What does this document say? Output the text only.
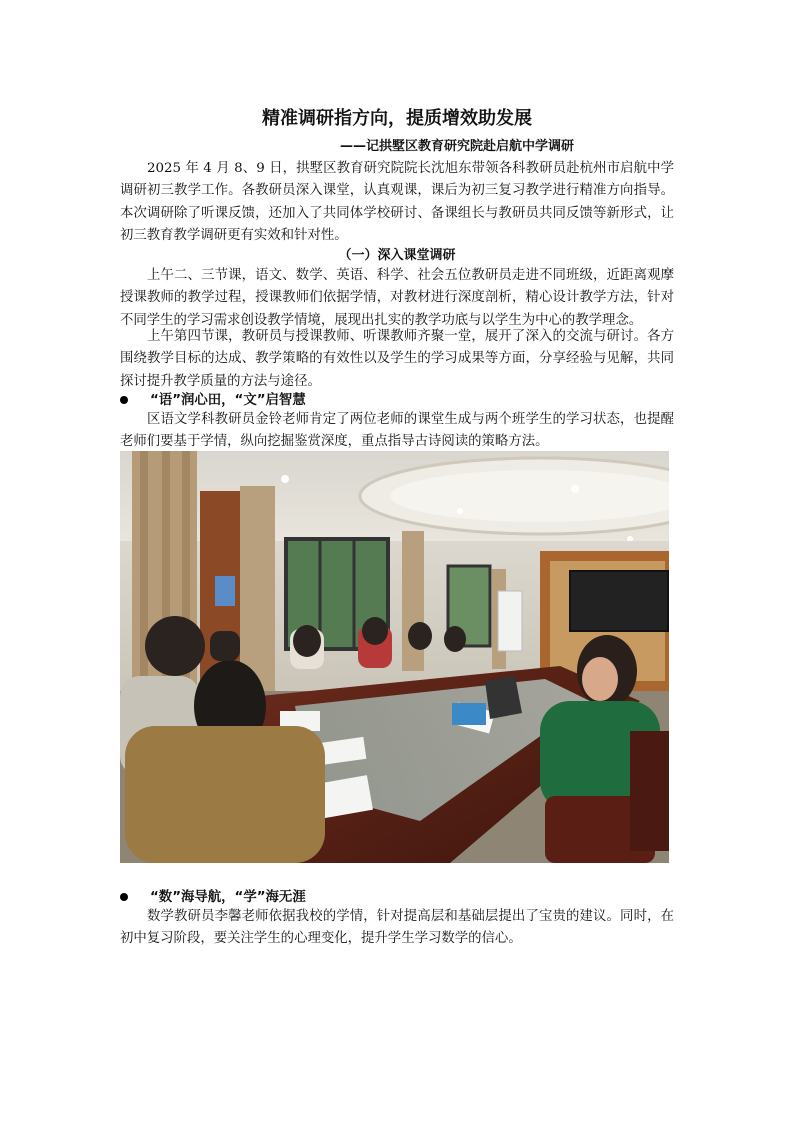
精准调研指方向，提质增效助发展
——记拱墅区教育研究院赴启航中学调研

2025 年 4 月 8、9 日，拱墅区教育研究院院长沈旭东带领各科教研员赴杭州市启航中学调研初三教学工作。各教研员深入课堂，认真观课，课后为初三复习教学进行精准方向指导。本次调研除了听课反馈，还加入了共同体学校研讨、备课组长与教研员共同反馈等新形式，让初三教育教学调研更有实效和针对性。

（一）深入课堂调研

上午二、三节课，语文、数学、英语、科学、社会五位教研员走进不同班级，近距离观摩授课教师的教学过程，授课教师们依据学情，对教材进行深度剖析，精心设计教学方法，针对不同学生的学习需求创设教学情境，展现出扎实的教学功底与以学生为中心的教学理念。

上午第四节课，教研员与授课教师、听课教师齐聚一堂，展开了深入的交流与研讨。各方围绕教学目标的达成、教学策略的有效性以及学生的学习成果等方面，分享经验与见解，共同探讨提升教学质量的方法与途径。

“语”润心田，“文”启智慧

区语文学科教研员金铃老师肯定了两位老师的课堂生成与两个班学生的学习状态，也提醒老师们要基于学情，纵向挖掘鉴赏深度，重点指导古诗阅读的策略方法。

“数”海导航，“学”海无涯

数学教研员李馨老师依据我校的学情，针对提高层和基础层提出了宝贵的建议。同时，在初中复习阶段，要关注学生的心理变化，提升学生学习数学的信心。
